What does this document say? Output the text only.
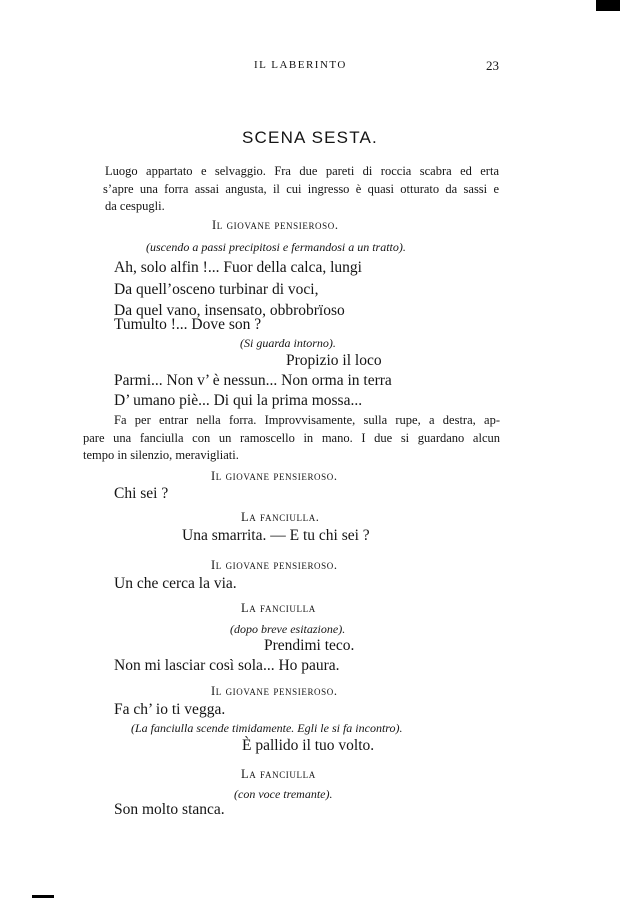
IL LABERINTO	23
SCENA SESTA.
Luogo appartato e selvaggio. Fra due pareti di roccia scabra ed erta
s’apre una forra assai angusta, il cui ingresso è quasi otturato da sassi e
da cespugli.
Il giovane pensieroso.
(uscendo a passi precipitosi e fermandosi a un tratto).
Ah, solo alfin !... Fuor della calca, lungi
Da quell’osceno turbinar di voci,
Da quel vano, insensato, obbrobrïoso
Tumulto !... Dove son ?
(Si guarda intorno).
Propizio il loco
Parmi... Non v’ è nessun... Non orma in terra
D’ umano piè... Di qui la prima mossa...
Fa per entrar nella forra. Improvvisamente, sulla rupe, a destra, ap-
pare una fanciulla con un ramoscello in mano. I due si guardano alcun
tempo in silenzio, meravigliati.
Il giovane pensieroso.
Chi sei ?
La fanciulla.
Una smarrita. — E tu chi sei ?
Il giovane pensieroso.
Un che cerca la via.
La fanciulla
(dopo breve esitazione).
Prendimi teco.
Non mi lasciar così sola... Ho paura.
Il giovane pensieroso.
Fa ch’ io ti vegga.
(La fanciulla scende timidamente. Egli le si fa incontro).
È pallido il tuo volto.
La fanciulla
(con voce tremante).
Son molto stanca.
